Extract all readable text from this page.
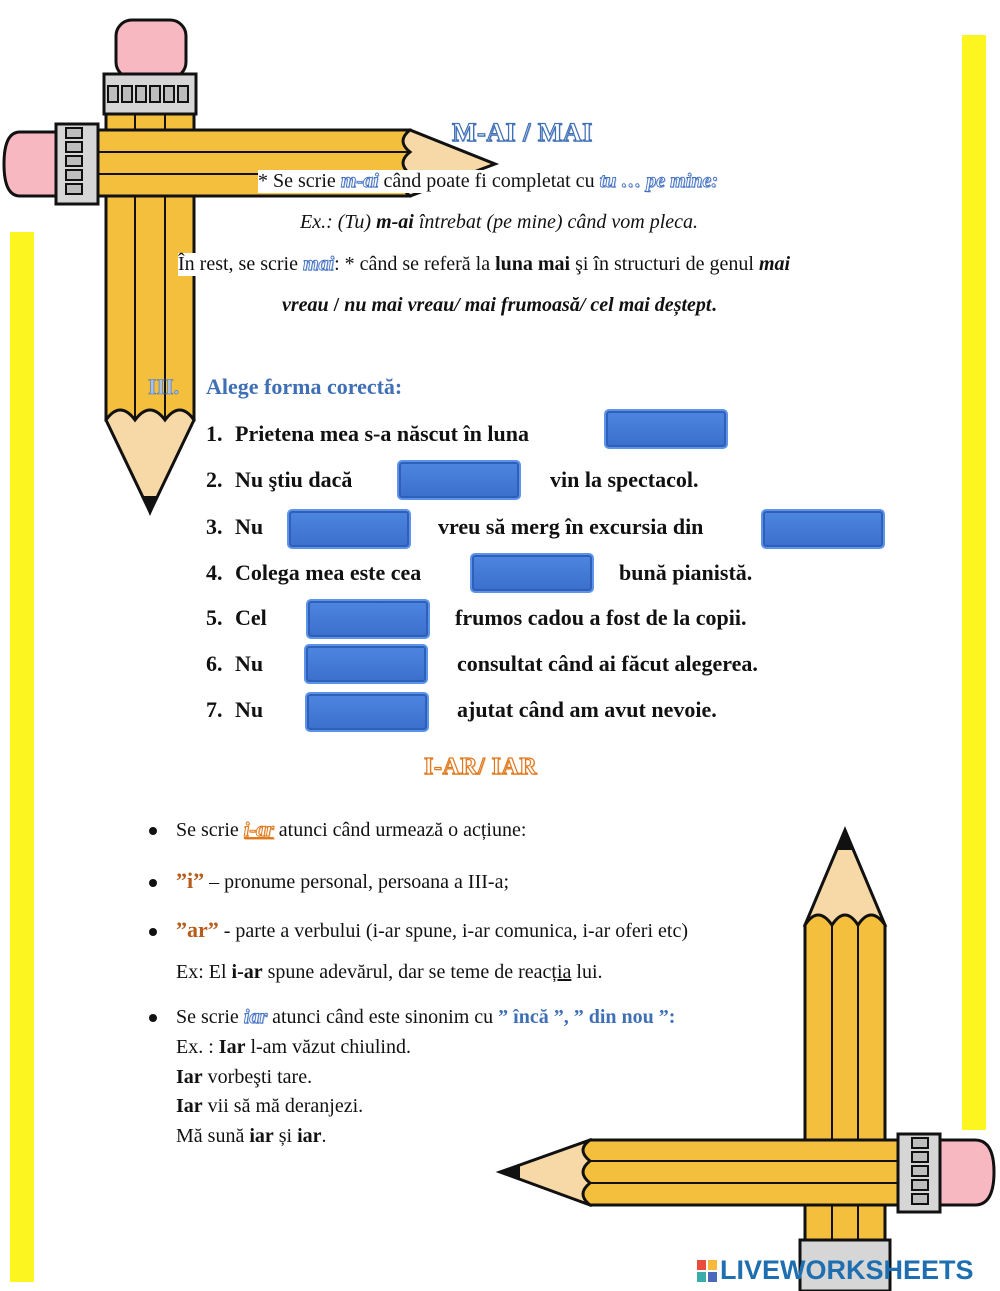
M-AI / MAI
* Se scrie m-ai când poate fi completat cu tu … pe mine:
Ex.: (Tu) m-ai întrebat (pe mine) când vom pleca.
În rest, se scrie mai: * când se referă la luna mai şi în structuri de genul mai
vreau / nu mai vreau/ mai frumoasă/ cel mai deștept.
III. Alege forma corectă:
1. Prietena mea s-a născut în luna
2. Nu ştiu dacă	vin la spectacol.
3. Nu	vreu să merg în excursia din
4. Colega mea este cea	bună pianistă.
5. Cel	frumos cadou a fost de la copii.
6. Nu	consultat când ai făcut alegerea.
7. Nu	ajutat când am avut nevoie.
I-AR/ IAR
Se scrie i-ar atunci când urmează o acțiune:
”i” – pronume personal, persoana a III-a;
”ar” - parte a verbului (i-ar spune, i-ar comunica, i-ar oferi etc)
Ex: El i-ar spune adevărul, dar se teme de reacția lui.
Se scrie iar atunci când este sinonim cu ” încă ”, ” din nou ”:
Ex. : Iar l-am văzut chiulind.
Iar vorbeşti tare.
Iar vii să mă deranjezi.
Mă sună iar și iar.
LIVEWORKSHEETS
